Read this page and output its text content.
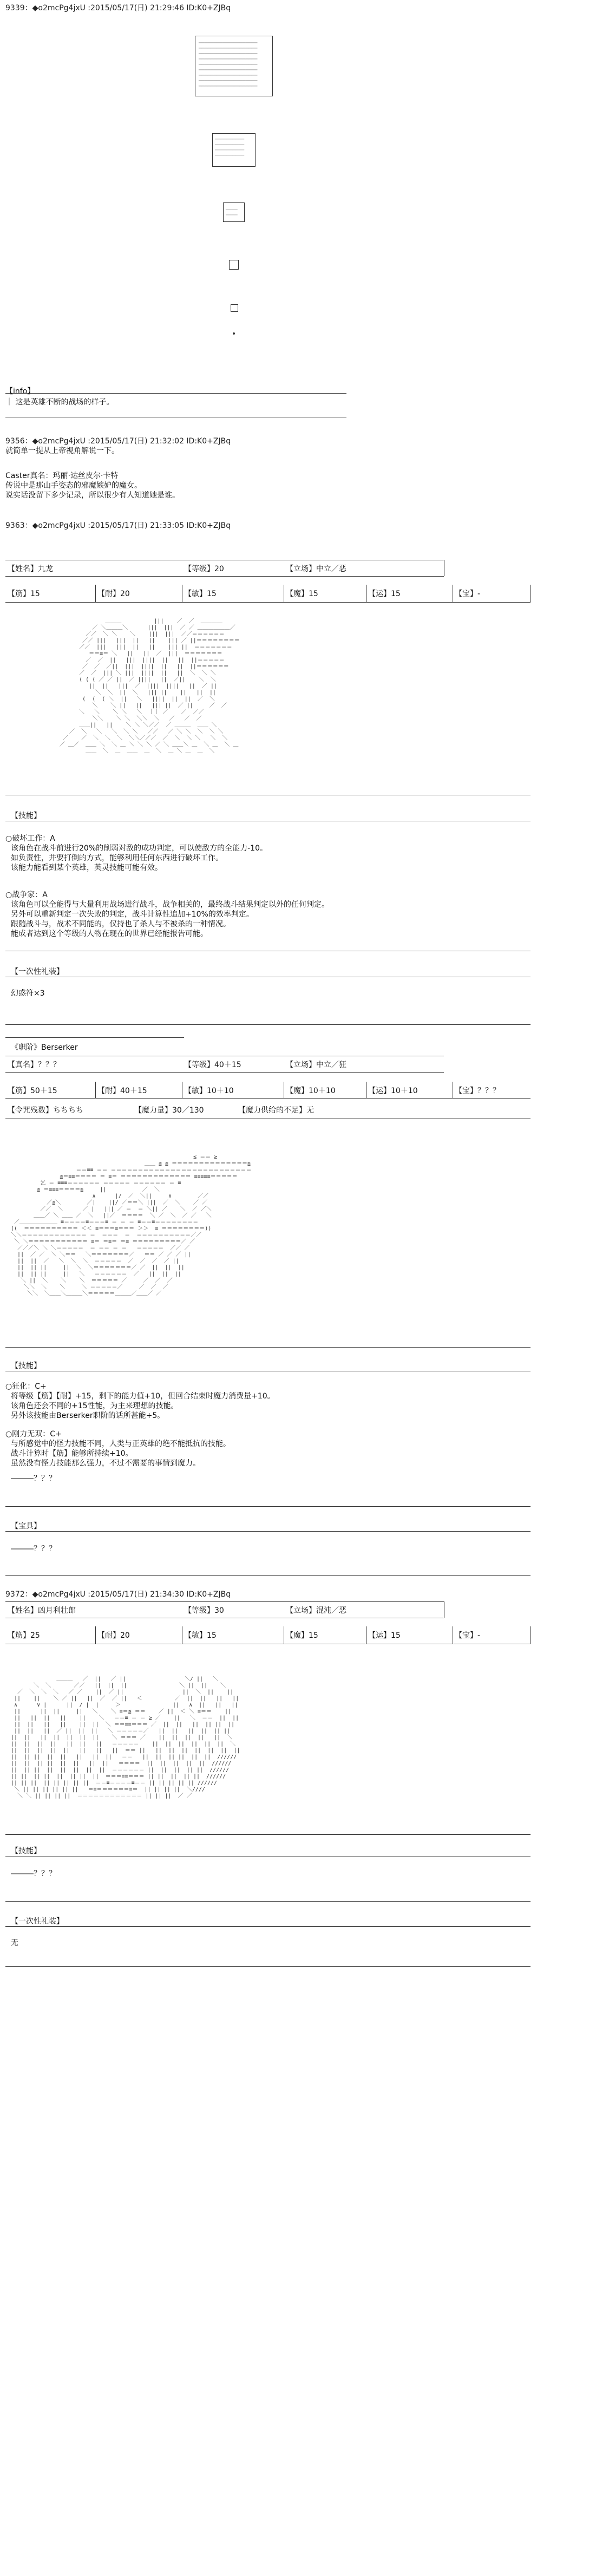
9339：◆o2mcPg4jxU :2015/05/17(日) 21:29:46 ID:K0+ZJBq
────────────────────
────────────────────
────────────────────
────────────────────
────────────────────
────────────────────
────────────────────
────────────────────
────────────────────
──────────
──────────
──────────
──────────
────
────
【info】
｜ 这是英雄不断的战场的样子。
9356：◆o2mcPg4jxU :2015/05/17(日) 21:32:02 ID:K0+ZJBq
就简单一提从上帝视角解说一下。
Caster真名：玛丽·达丝皮尔·卡特
传说中是那山手姿态的邪魔嫉妒的魔女。
说实话没留下多少记录，所以很少有人知道她是谁。
9363：◆o2mcPg4jxU :2015/05/17(日) 21:33:05 ID:K0+ZJBq
【姓名】九龙	【等级】20	【立场】中立／恶
【筋】15	【耐】20	【敏】15	【魔】15	【运】15	【宝】-
＿＿＿          |||    ／  ／  ＿＿＿＿
／ ＼＿＿＿＼      |||  |||  ／ ／ ＿＿＿＿＿＿／
／／  ＼ ＼    ＼    |||  |||  ／／＝＝＝＝＝＝
／／ |||   |||  ||   ||    ||| ／ ||＝＝＝＝＝＝＝＝
／／  |||   |||  ||   ||    ||| ||  ＝＝＝＝＝＝＝
＝＝≡＝ ＼   ||   ||  ／  |||  ＝＝＝＝＝＝＝
／  ／  ||   |||  ||||  ||   ||  ||＝＝＝＝＝
／  ／  ／||  |||  ||||  ||   ||  ||＝＝＝＝＝＝
／  ／  ||| ＼ |||  ||||  ||   ||  ＼  ＼ ＼
( ( ( ／ ／ ||  ／ ||||   ||  ／||    ＼  ＼
||  ||   |||  ／  ||||  ||||   ||  ／ ||
＼  ＼  ||  ＼   ||| ||    ||   ||  ||
(  (  ( ＼  ||   ＼   ||||  ||  ||  ／  ＼
＼    ＼ ||   ||   ||| ||  ／ ||     ／  ／
＼   ＼    ＼ ＼   ＼  ｜｜ ／    ／  ／／
＼＼    ＼ ＼  ＼＼  ＼   ／   ／  ／
＿＿||   ||    ＼ ＼ ＼／／  ／ ＿＿＿  ＿＿ ＼
／  ＼   ＼   ＼  ＼ ＼   ／／   ／ ＼ ＼  ＼  ＼ ＼
／    ／  ＼  ＼  ＼  ＼＼／／／  ／  ＼  ＼ ＼   ＼  ＼
／ ＿／  ＿＿ ＼  ＼ ＿ ＼ ＼ ＼ ／ ＼ ＿＿＼ ＿  ＼ ＿  ＼ ＿
＿＿  ＼  ＿  ＿＿  ＿  ＼  ＿ ＼ ＿  ＿  ＼
【技能】
○破坏工作：A
该角色在战斗前进行20%的削弱对敌的成功判定，可以使敌方的全能力-10。
如负责性，并要打倒的方式，能够利用任何东西进行破坏工作。
该能力能看到某个英雄，英灵技能可能有效。
○战争家：A
该角色可以全能得与大量利用战场进行战斗，战争相关的，最终战斗结果判定以外的任何判定。
另外可以重新判定一次失败的判定，战斗计算性追加+10%的效率判定。
跟随战斗与，战术不同能的，仅持也了杀人与不被杀的一种情况。
能成者达到这个等级的人物在现在的世界已经能报告可能。
【一次性礼装】
幻惑符×3
《职阶》Berserker
【真名】？？？	【等级】40＋15	【立场】中立／狂
【筋】50＋15	【耐】40＋15	【敏】10＋10	【魔】10＋10	【运】10＋10	【宝】？？？
【令咒残数】ちちちち	【魔力量】30／130	【魔力供给的不足】无
≦ ＝＝ ≧
＿＿ ≦ ≦ ＝＝＝＝＝＝＝＝＝＝＝＝＝＝≧
＝＝≡≡ ＝＝ ＝＝＝＝＝＝＝＝＝＝＝＝＝＝＝＝＝＝＝＝＝＝＝＝＝＝
≦＝≡≡＝＝＝＝ ＝ ≡＝ ＝＝＝＝＝＝＝＝＝＝＝＝＝ ≡≡≡≡≡＝＝＝＝＝
乞 ＝ ≡≡≡＝＝＝＝＝＝ ＝＝＝＝＝ ＝＝＝＝＝＝ ＝ ≡
≦ ＝≡≡≡＝＝＝＝≧     ||           ／  ＼
∧      |/  ／  ＼||     ∧        ／／
／≦＼        ／|    ||/ ／＝＝＼ |||  ／  ＼    ／ ／
／／  ＼      ／ |   ||| ／ ＝  ＝ ＼|| ／    ＼  ／ ／＼
＿＿／ ＼ ＿＿ ／  ＼   ||／  ＝＝＝＝  ＼ ／  ＼  ／ ／   ＼
／＿＿＿＿＿＿＿ ≡＝＝＝＝≡＝＝＝≡ ＝ ＝ ＝ ≡＝＝≡＝＝＝＝＝＝＝＝
((  ＝＝＝＝＝＝＝＝＝＝ ＜＜ ≡＝＝＝≡＝＝＝ ＞＞  ≡ ＝＝＝＝＝＝＝＝))
＼＼＝＝＝＝＝＝＝＝＝＝＝＝ ＝  ＝＝＝  ＝  ＝＝＝＝＝＝＝＝＝＝／／
＼ ＼＝＝＝＝＝＝＝＝＝＝＝ ≡＝ ＝≡＝ ＝≡ ＝＝＝＝＝＝＝＝＝／ ／
／／／＼ ＼ ＼＝＝＝＝＝  ＝ ＝＝ ＝ ＝   ＝＝＝＝＝  ／／ ／
||  ／ ／  ＼ ＼＝＝   ＼＝＝＝＝＝＝＝／   ＝＝ ／ ／ ／ ||
||  ||  ／   ＼  ＼  ＼  ＝＝＝＝＝  ／  ／  ／  ／ ||
||  || ||     ||  ＼  ＼＝＝＝＝＝＝＝／ ／  ||  ||  ||
||  || ||     ||   ＼   ＝＝＝＝＝＝  ／   ||  ||  ||
＼ ||  ＼    ＼    ＼  ＝＝＝＝＝ ／     ／  ／  ／
＼＼  ＼    ＼     ＼ ＝＝＝＝＝／     ／  ／  ／
＼＼  ＼＿＿＼＿＿＿＼＝＝＝＝＝＿＿＿／＿＿／ ／
【技能】
○狂化：C+
将等级【筋】【耐】+15，剩下的能力值+10，但回合结束时魔力消费量+10。
该角色还会不同的+15性能，为主来理想的技能。
另外该技能由Berserker职阶的话所甚能+5。
○刚力无双：C+
与所感觉中的怪力技能不同，人类与正英雄的绝不能抵抗的技能。
战斗计算时【筋】能够所持续+10。
虽然没有怪力技能那么强力，不过不需要的事情到魔力。
―――？？？
【宝具】
―――？？？
9372：◆o2mcPg4jxU :2015/05/17(日) 21:34:30 ID:K0+ZJBq
【姓名】凶月利壮郎	【等级】30	【立场】混沌／恶
【筋】25	【耐】20	【敏】15	【魔】15	【运】15	【宝】-
＿＿＿   ／  ||   ／ ||                  ＼/ ||   ＼
＼  ＼       ／／   ||  ||  ||                ＼ ||  ||    ＼
／  ＼  ＼  ＼   ／ ／    ||  ／ ||                  ||  ＼  ||    ||
||    ||    ＼ ／ ||   ||  ／  ／ ||   ＜          ／  ||  ||   ||   ||
∧      ∨ |      ||  / |  |     ＞                ||   ∧  ||   ||   ||
||      ||  ||     ||   ＼    ＼ ≡＝≦ ＝＝    ／ ||  ＜ ＼ ≡＝＝    ||
||   ||  ||   ||    ||    ＼   ＝＝≡ ＝ ＝ ≧ ／    ||   ＼  ＝＝  ||  ||
||  ||   ||   ||    ||  ||  ＼ ＝＝≡≡＝＝＝ ／  ||  ||   ||  || ||  ||
||  ||   ||  ／ ||  ||  ||   ＼ ＝＝＝＝＝／   ||  ||   ||  ||  || ||
||  ||   ||  ||  ||  ||  ||    ＼ ＝＝＝ ／    ||  ||  ||  ||   ||  ＼
||  ||  ||  ||   ||  ||   ||   ＝＝＝＝＝    ||  ||  ||  ||  ||  ||  ＼
||  ||  ||  ||  ||   ||   ||   ||  ＝＝ ||   ||  ||  ||  ||  ||  ||  ||
||  || ||  ||  ||   ||   ||  ||   ＝＝   ||  ||  || ||  ||  ||  //////
||  ||  || ||  ||  ||   ||  ||   ＝＝＝＝  ||  ||  ||  ||  ||  //////
||  || ||  ||  ||  ||  ||  ||  ＝＝＝＝＝＝ ||  ||  ||  || ||  //////
|| ||  || ||  ||  || ||  ||  ＝＝＝≡≡＝＝＝ || ||  ||  || ||  //////
|| || ||  || || || || ||  ＝＝≡＝＝＝＝≡＝＝ || || || || || //////
＼ || || || || || ||   ＝≡＝＝＝＝＝＝≡＝  || || || ||  ＼////
＼ ＼ || || || ||  ＝＝＝＝＝＝＝＝＝＝＝＝ || || ||  ／ ／
【技能】
―――？？？
【一次性礼装】
无
